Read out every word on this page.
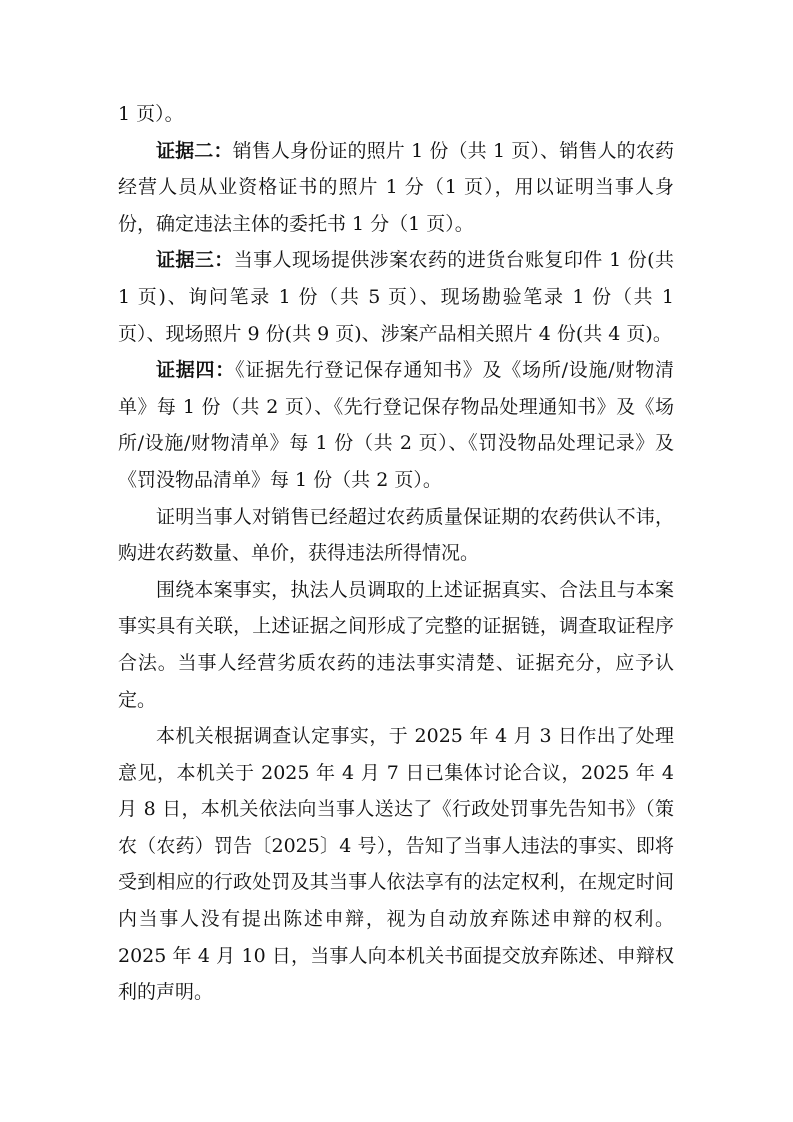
1 页）。

证据二：销售人身份证的照片 1 份（共 1 页）、销售人的农药经营人员从业资格证书的照片 1 分（1 页），用以证明当事人身份，确定违法主体的委托书 1 分（1 页）。

证据三：当事人现场提供涉案农药的进货台账复印件 1 份(共 1 页)、询问笔录 1 份（共 5 页）、现场勘验笔录 1 份（共 1 页）、现场照片 9 份(共 9 页)、涉案产品相关照片 4 份(共 4 页)。

证据四：《证据先行登记保存通知书》及《场所/设施/财物清单》每 1 份（共 2 页）、《先行登记保存物品处理通知书》及《场所/设施/财物清单》每 1 份（共 2 页）、《罚没物品处理记录》及《罚没物品清单》每 1 份（共 2 页）。

证明当事人对销售已经超过农药质量保证期的农药供认不讳，购进农药数量、单价，获得违法所得情况。

围绕本案事实，执法人员调取的上述证据真实、合法且与本案事实具有关联，上述证据之间形成了完整的证据链，调查取证程序合法。当事人经营劣质农药的违法事实清楚、证据充分，应予认定。

本机关根据调查认定事实，于 2025 年 4 月 3 日作出了处理意见，本机关于 2025 年 4 月 7 日已集体讨论合议，2025 年 4 月 8 日，本机关依法向当事人送达了《行政处罚事先告知书》（策农（农药）罚告〔2025〕4 号），告知了当事人违法的事实、即将受到相应的行政处罚及其当事人依法享有的法定权利，在规定时间内当事人没有提出陈述申辩，视为自动放弃陈述申辩的权利。2025 年 4 月 10 日，当事人向本机关书面提交放弃陈述、申辩权利的声明。
